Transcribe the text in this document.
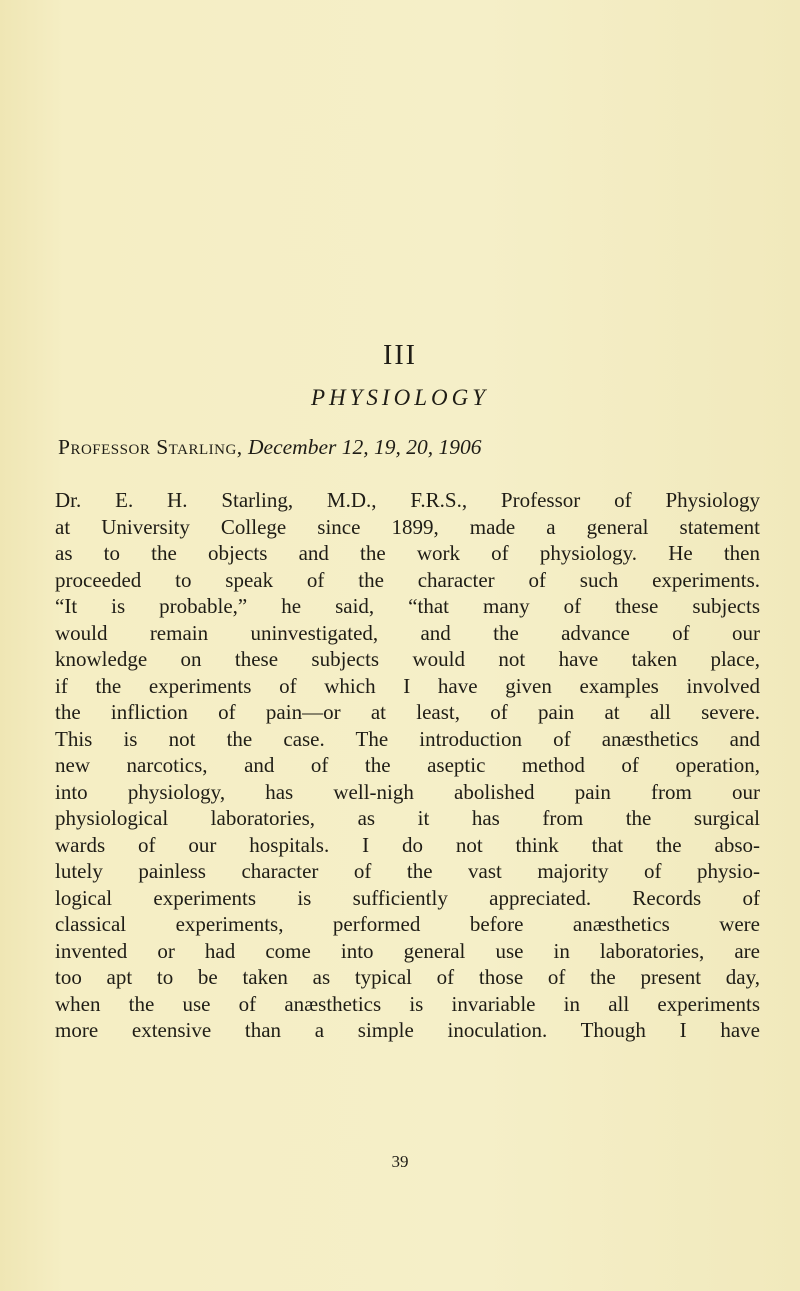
III
PHYSIOLOGY

Professor Starling, December 12, 19, 20, 1906

Dr. E. H. Starling, M.D., F.R.S., Professor of Physiology
at University College since 1899, made a general statement
as to the objects and the work of physiology. He then
proceeded to speak of the character of such experiments.
“It is probable,” he said, “that many of these subjects
would remain uninvestigated, and the advance of our
knowledge on these subjects would not have taken place,
if the experiments of which I have given examples involved
the infliction of pain—or at least, of pain at all severe.
This is not the case. The introduction of anæsthetics and
new narcotics, and of the aseptic method of operation,
into physiology, has well-nigh abolished pain from our
physiological laboratories, as it has from the surgical
wards of our hospitals. I do not think that the abso-
lutely painless character of the vast majority of physio-
logical experiments is sufficiently appreciated. Records of
classical experiments, performed before anæsthetics were
invented or had come into general use in laboratories, are
too apt to be taken as typical of those of the present day,
when the use of anæsthetics is invariable in all experiments
more extensive than a simple inoculation. Though I have

39
